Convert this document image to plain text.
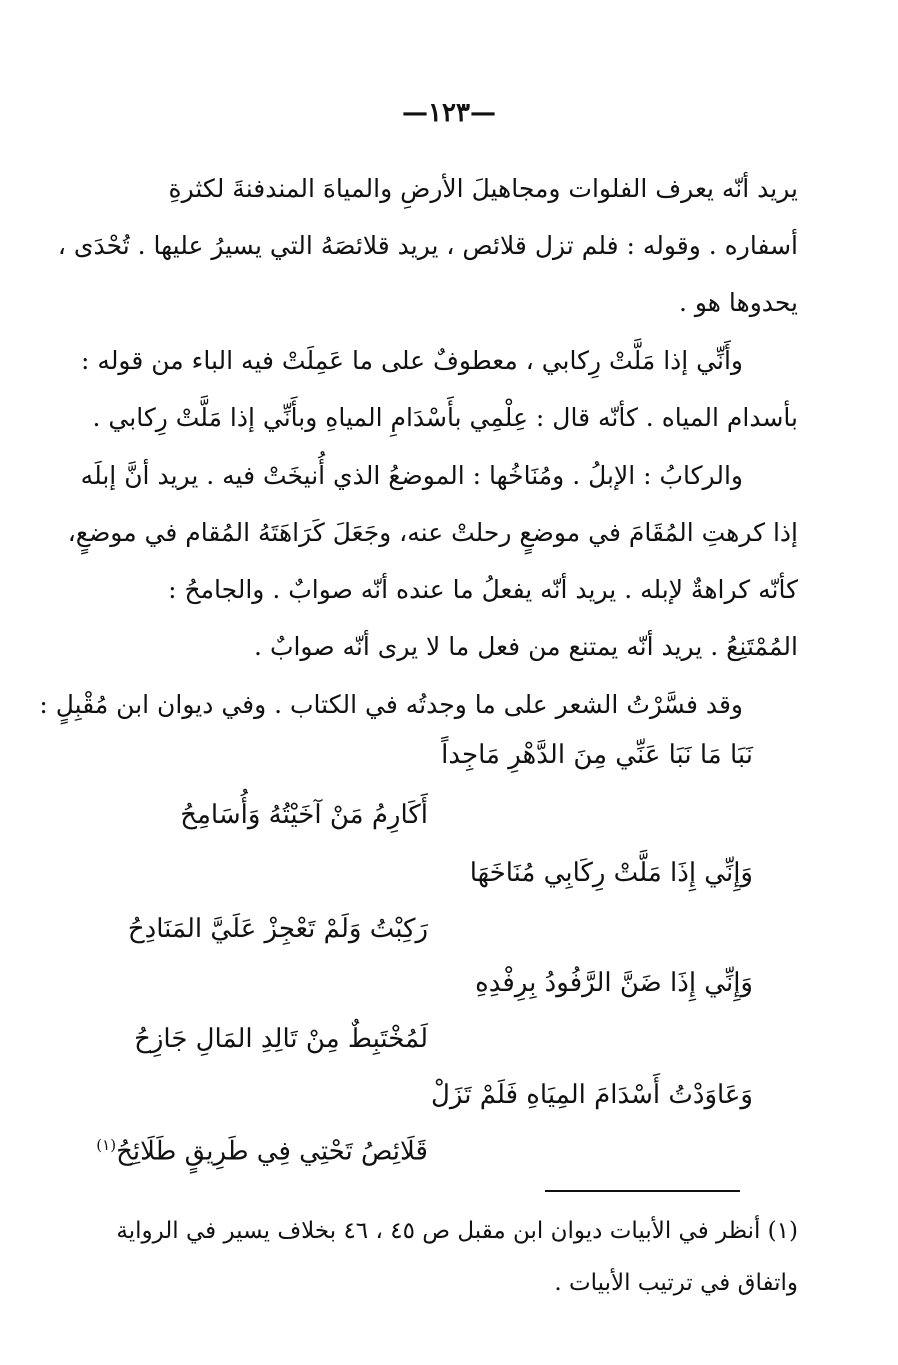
—١٢٣—
يريد أنّه يعرف الفلوات ومجاهيلَ الأرضِ والمياهَ المندفنةَ لكثرةِ
أسفاره . وقوله : فلم تزل قلائص ، يريد قلائصَهُ التي يسيرُ عليها . تُحْدَى ،
يحدوها هو .
وأَنِّي إذا مَلَّتْ رِكابي ، معطوفٌ على ما عَمِلَتْ فيه الباء من قوله :
بأسدام المياه . كأنّه قال : عِلْمِي بأَسْدَامِ المياهِ وبأَنِّي إذا مَلَّتْ رِكابي .
والركابُ : الإبلُ . ومُنَاخُها : الموضعُ الذي أُنيخَتْ فيه . يريد أنَّ إبلَه
إذا كرهتِ المُقَامَ في موضعٍ رحلتْ عنه، وجَعَلَ كَرَاهَتَهُ المُقام في موضعٍ،
كأنّه كراهةٌ لإبله . يريد أنّه يفعلُ ما عنده أنّه صوابٌ . والجامحُ :
المُمْتَنِعُ . يريد أنّه يمتنع من فعل ما لا يرى أنّه صوابٌ .
وقد فسَّرْتُ الشعر على ما وجدتُه في الكتاب . وفي ديوان ابن مُقْبِلٍ :
نَبَا مَا نَبَا عَنِّي مِنَ الدَّهْرِ مَاجِداً
أَكَارِمُ مَنْ آخَيْتُهُ وَأُسَامِحُ
وَإِنِّي إِذَا مَلَّتْ رِكَابِي مُنَاخَهَا
رَكِبْتُ وَلَمْ تَعْجِزْ عَلَيَّ المَنَادِحُ
وَإِنِّي إِذَا ضَنَّ الرَّفُودُ بِرِفْدِهِ
لَمُخْتَبِطٌ مِنْ تَالِدِ المَالِ جَازِحُ
وَعَاوَدْتُ أَسْدَامَ المِيَاهِ فَلَمْ تَزَلْ
قَلَائِصُ تَحْتِي فِي طَرِيقٍ طَلَائِحُ$^{(١)}$
(١) أنظر في الأبيات ديوان ابن مقبل ص ٤٥ ، ٤٦ بخلاف يسير في الرواية
واتفاق في ترتيب الأبيات .
